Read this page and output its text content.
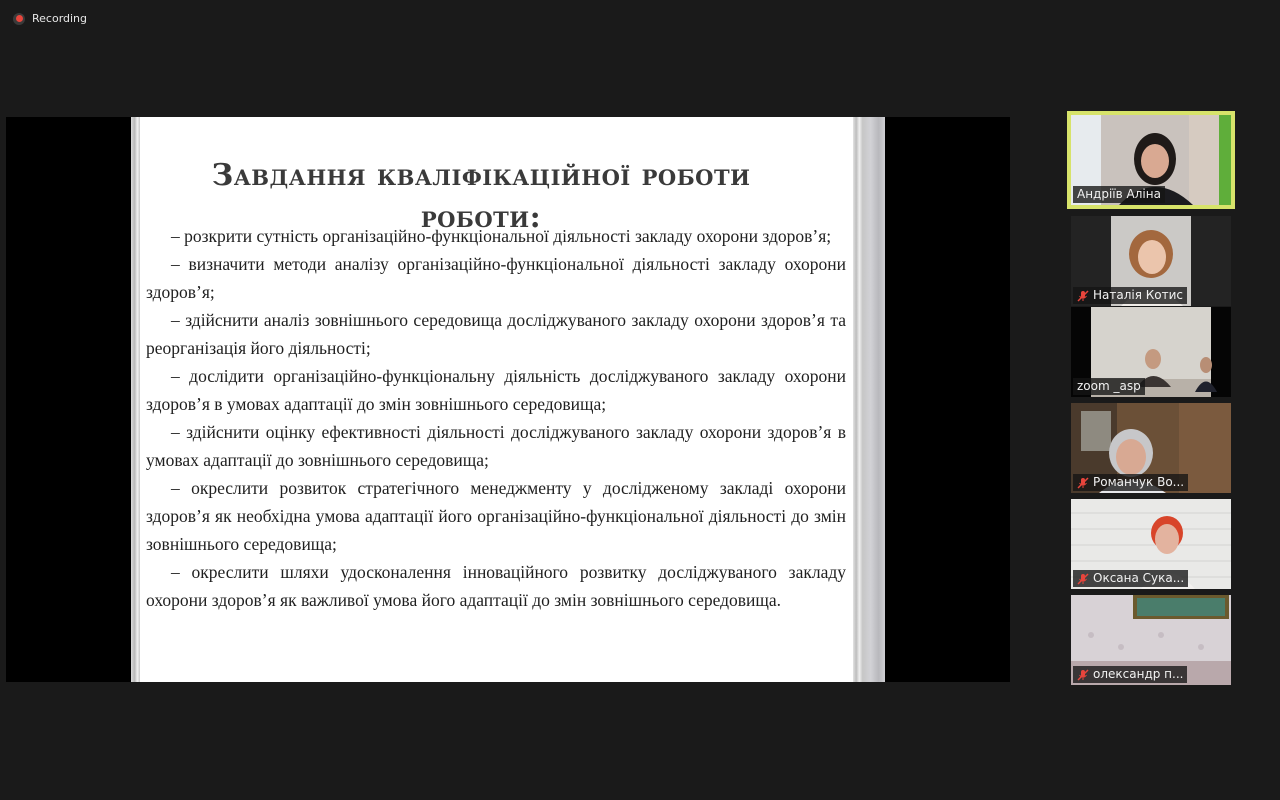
Recording
Завдання кваліфікаційної роботи роботи:

– розкрити сутність організаційно-функціональної діяльності закладу охорони здоров’я;

– визначити методи аналізу організаційно-функціональної діяльності закладу охорони здоров’я;

– здійснити аналіз зовнішнього середовища досліджуваного закладу охорони здоров’я та реорганізація його діяльності;

– дослідити організаційно-функціональну діяльність досліджуваного закладу охорони здоров’я в умовах адаптації до змін зовнішнього середовища;

– здійснити оцінку ефективності діяльності досліджуваного закладу охорони здоров’я в умовах адаптації до зовнішнього середовища;

– окреслити розвиток стратегічного менеджменту у дослідженому закладі охорони здоров’я як необхідна умова адаптації його організаційно-функціональної діяльності до змін зовнішнього середовища;

– окреслити шляхи удосконалення інноваційного розвитку досліджуваного закладу охорони здоров’я як важливої умова його адаптації до змін зовнішнього середовища.

Андріїв Аліна
Наталія Котис
zoom _asp
Романчук Во...
Оксана Сука...
олександр п...
